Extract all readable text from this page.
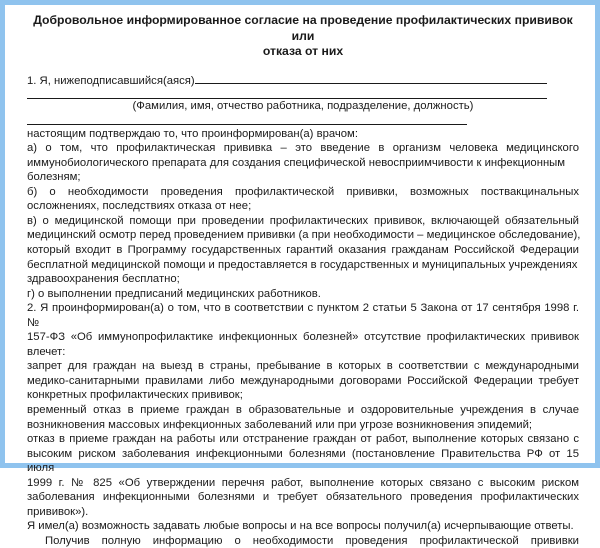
Добровольное информированное согласие на проведение профилактических прививок или
отказа от них
1. Я, нижеподписавшийся(аяся)
(Фамилия, имя, отчество работника, подразделение, должность)
настоящим подтверждаю то, что проинформирован(а) врачом:
а) о том, что профилактическая прививка – это введение в организм человека медицинского
иммунобиологического препарата для создания специфической невосприимчивости к инфекционным
болезням;
б) о необходимости проведения профилактической прививки, возможных поствакцинальных
осложнениях, последствиях отказа от нее;
в) о медицинской помощи при проведении профилактических прививок, включающей обязательный
медицинский осмотр перед проведением прививки (а при необходимости – медицинское обследование),
который входит в Программу государственных гарантий оказания гражданам Российской Федерации
бесплатной медицинской помощи и предоставляется в государственных и муниципальных учреждениях
здравоохранения бесплатно;
г) о выполнении предписаний медицинских работников.
2. Я проинформирован(а) о том, что в соответствии с пунктом 2 статьи 5 Закона от 17 сентября 1998 г. №
157-ФЗ «Об иммунопрофилактике инфекционных болезней» отсутствие профилактических прививок
влечет:
запрет для граждан на выезд в страны, пребывание в которых в соответствии с международными
медико-санитарными правилами либо международными договорами Российской Федерации требует
конкретных профилактических прививок;
временный отказ в приеме граждан в образовательные и оздоровительные учреждения в случае
возникновения массовых инфекционных заболеваний или при угрозе возникновения эпидемий;
отказ в приеме граждан на работы или отстранение граждан от работ, выполнение которых связано с
высоким риском заболевания инфекционными болезнями (постановление Правительства РФ от 15 июля
1999 г. № 825 «Об утверждении перечня работ, выполнение которых связано с высоким риском
заболевания инфекционными болезнями и требует обязательного проведения профилактических
прививок»).
Я имел(а) возможность задавать любые вопросы и на все вопросы получил(а) исчерпывающие ответы.
Получив полную информацию о необходимости проведения профилактической прививки
